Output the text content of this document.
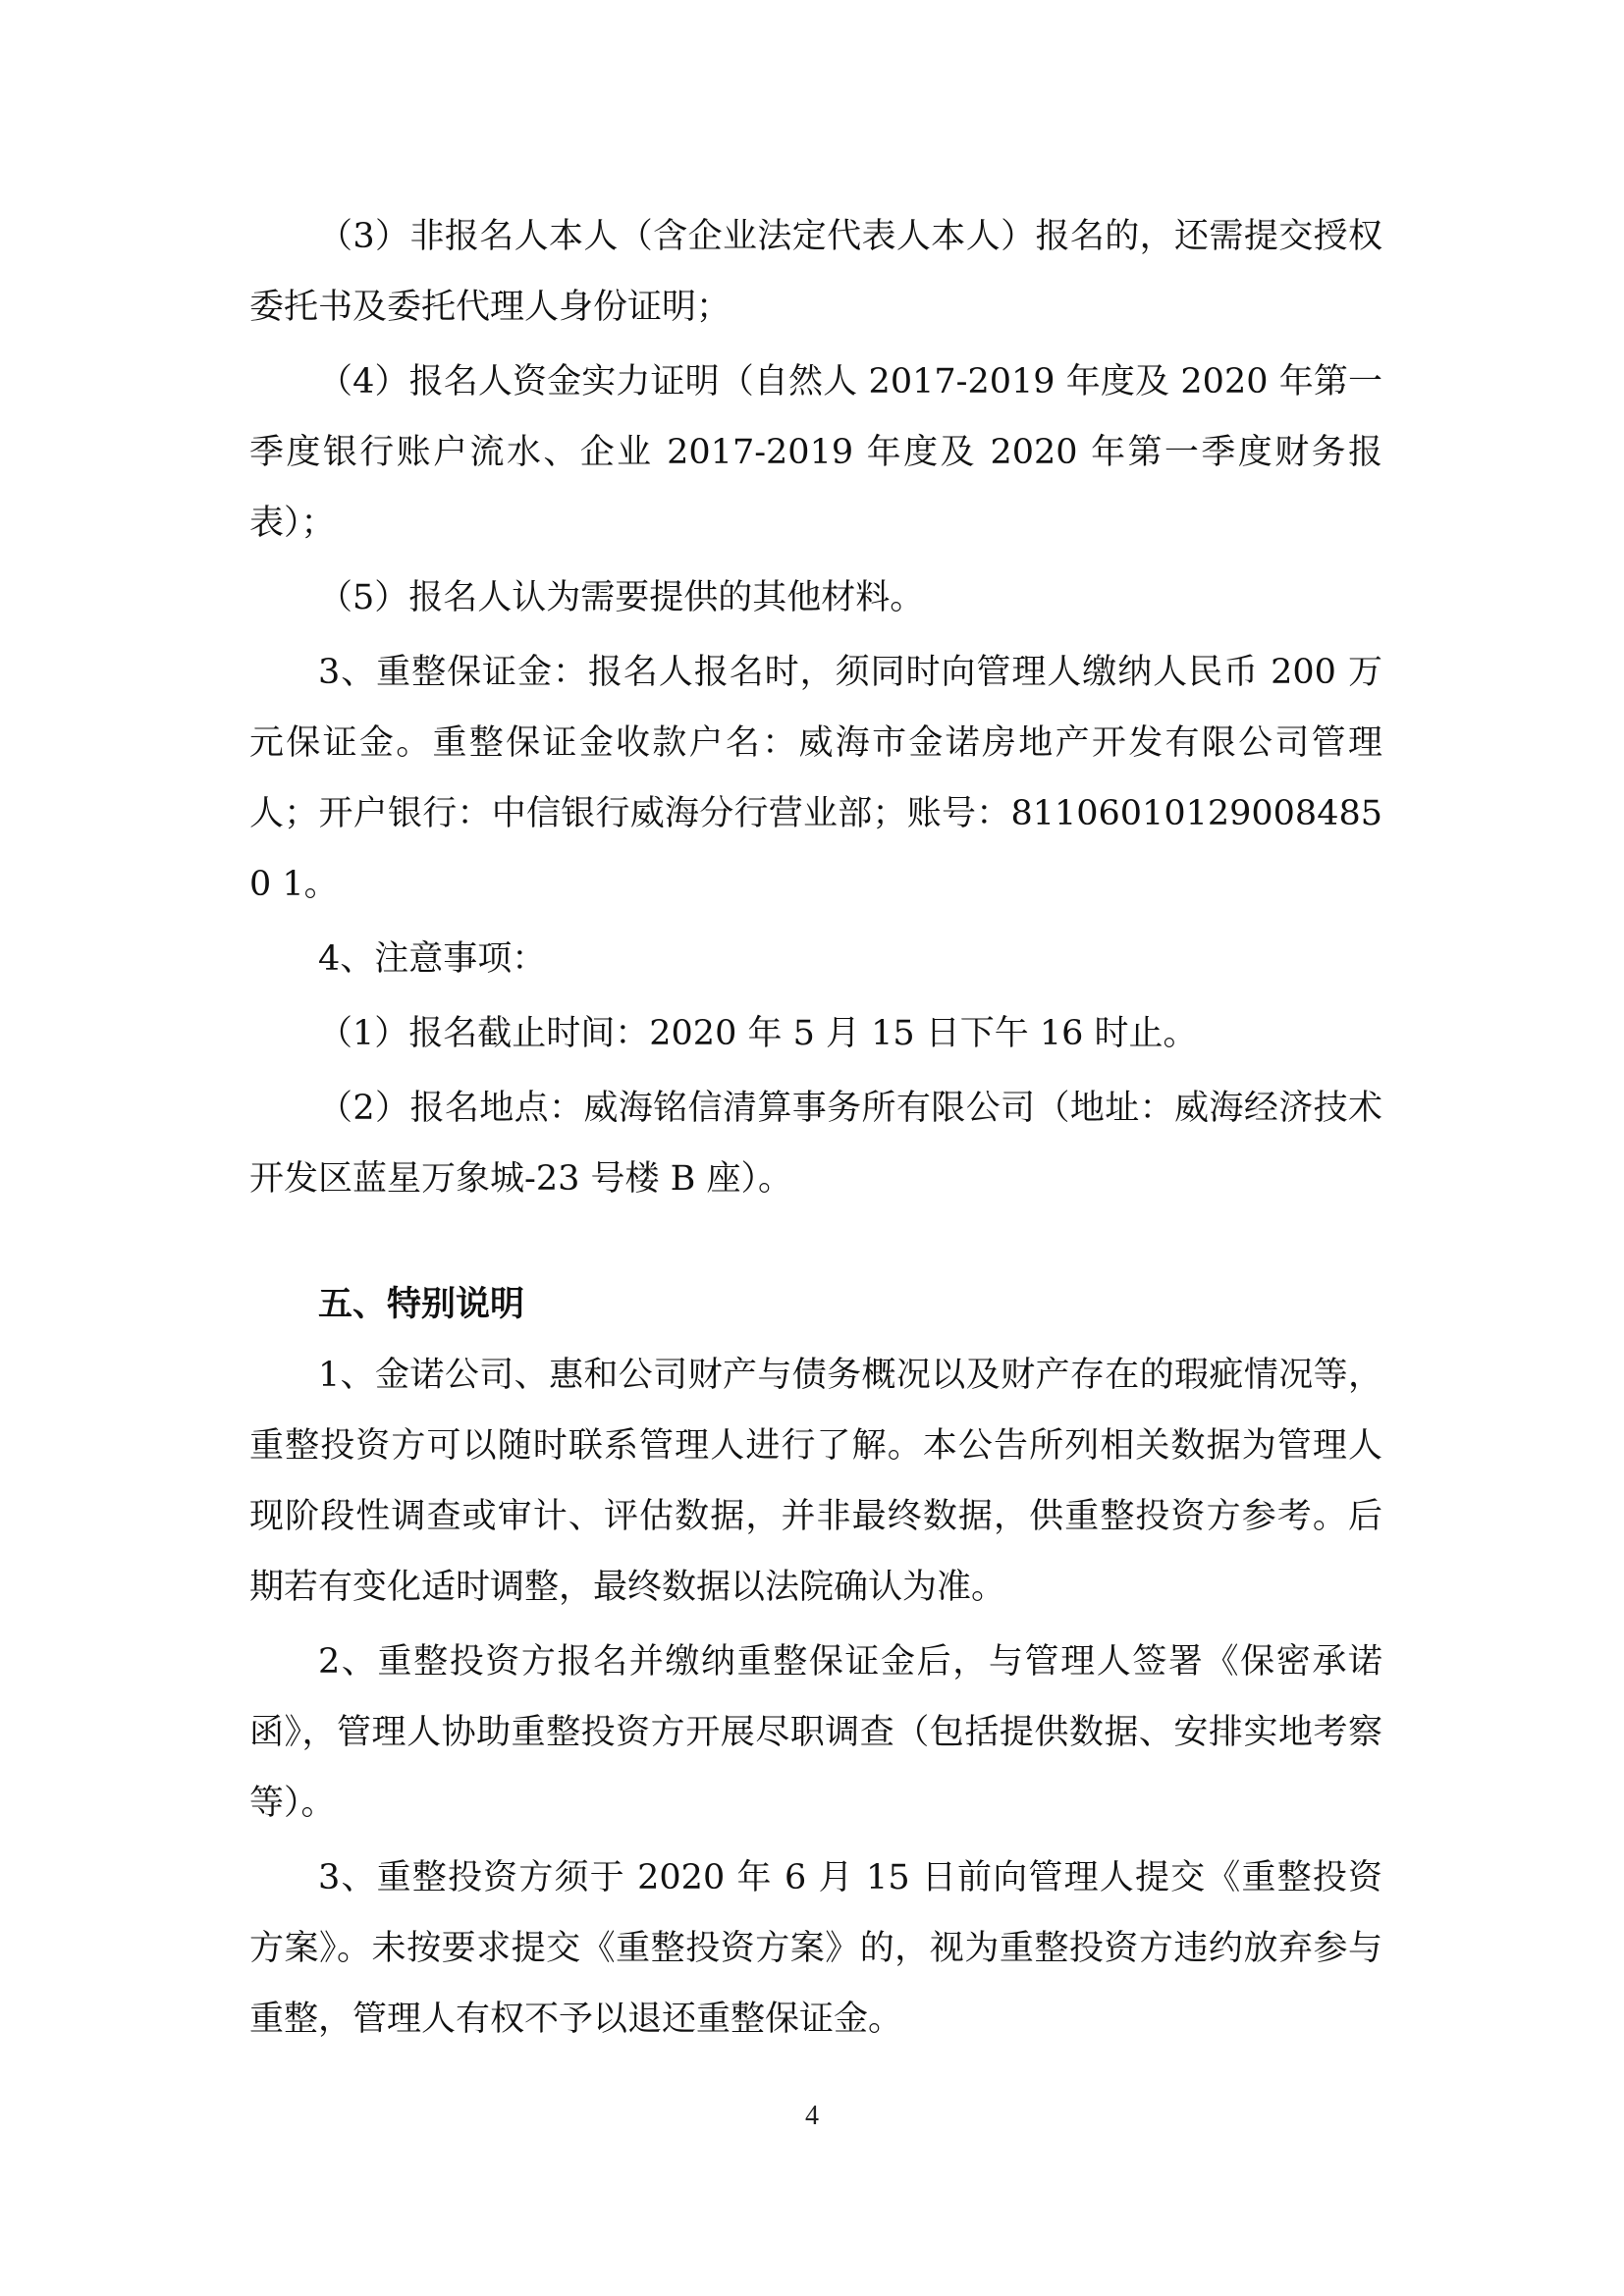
（3）非报名人本人（含企业法定代表人本人）报名的，还需提交授权委托书及委托代理人身份证明；

（4）报名人资金实力证明（自然人 2017-2019 年度及 2020 年第一季度银行账户流水、企业 2017-2019 年度及 2020 年第一季度财务报表）；

（5）报名人认为需要提供的其他材料。

3、重整保证金：报名人报名时，须同时向管理人缴纳人民币 200 万元保证金。重整保证金收款户名：威海市金诺房地产开发有限公司管理人；开户银行：中信银行威海分行营业部；账号：811060101290084850 1。

4、注意事项：

（1）报名截止时间：2020 年 5 月 15 日下午 16 时止。

（2）报名地点：威海铭信清算事务所有限公司（地址：威海经济技术开发区蓝星万象城-23 号楼 B 座）。

五、特别说明

1、金诺公司、惠和公司财产与债务概况以及财产存在的瑕疵情况等，重整投资方可以随时联系管理人进行了解。本公告所列相关数据为管理人现阶段性调查或审计、评估数据，并非最终数据，供重整投资方参考。后期若有变化适时调整，最终数据以法院确认为准。

2、重整投资方报名并缴纳重整保证金后，与管理人签署《保密承诺函》，管理人协助重整投资方开展尽职调查（包括提供数据、安排实地考察等）。

3、重整投资方须于 2020 年 6 月 15 日前向管理人提交《重整投资方案》。未按要求提交《重整投资方案》的，视为重整投资方违约放弃参与重整，管理人有权不予以退还重整保证金。

4
